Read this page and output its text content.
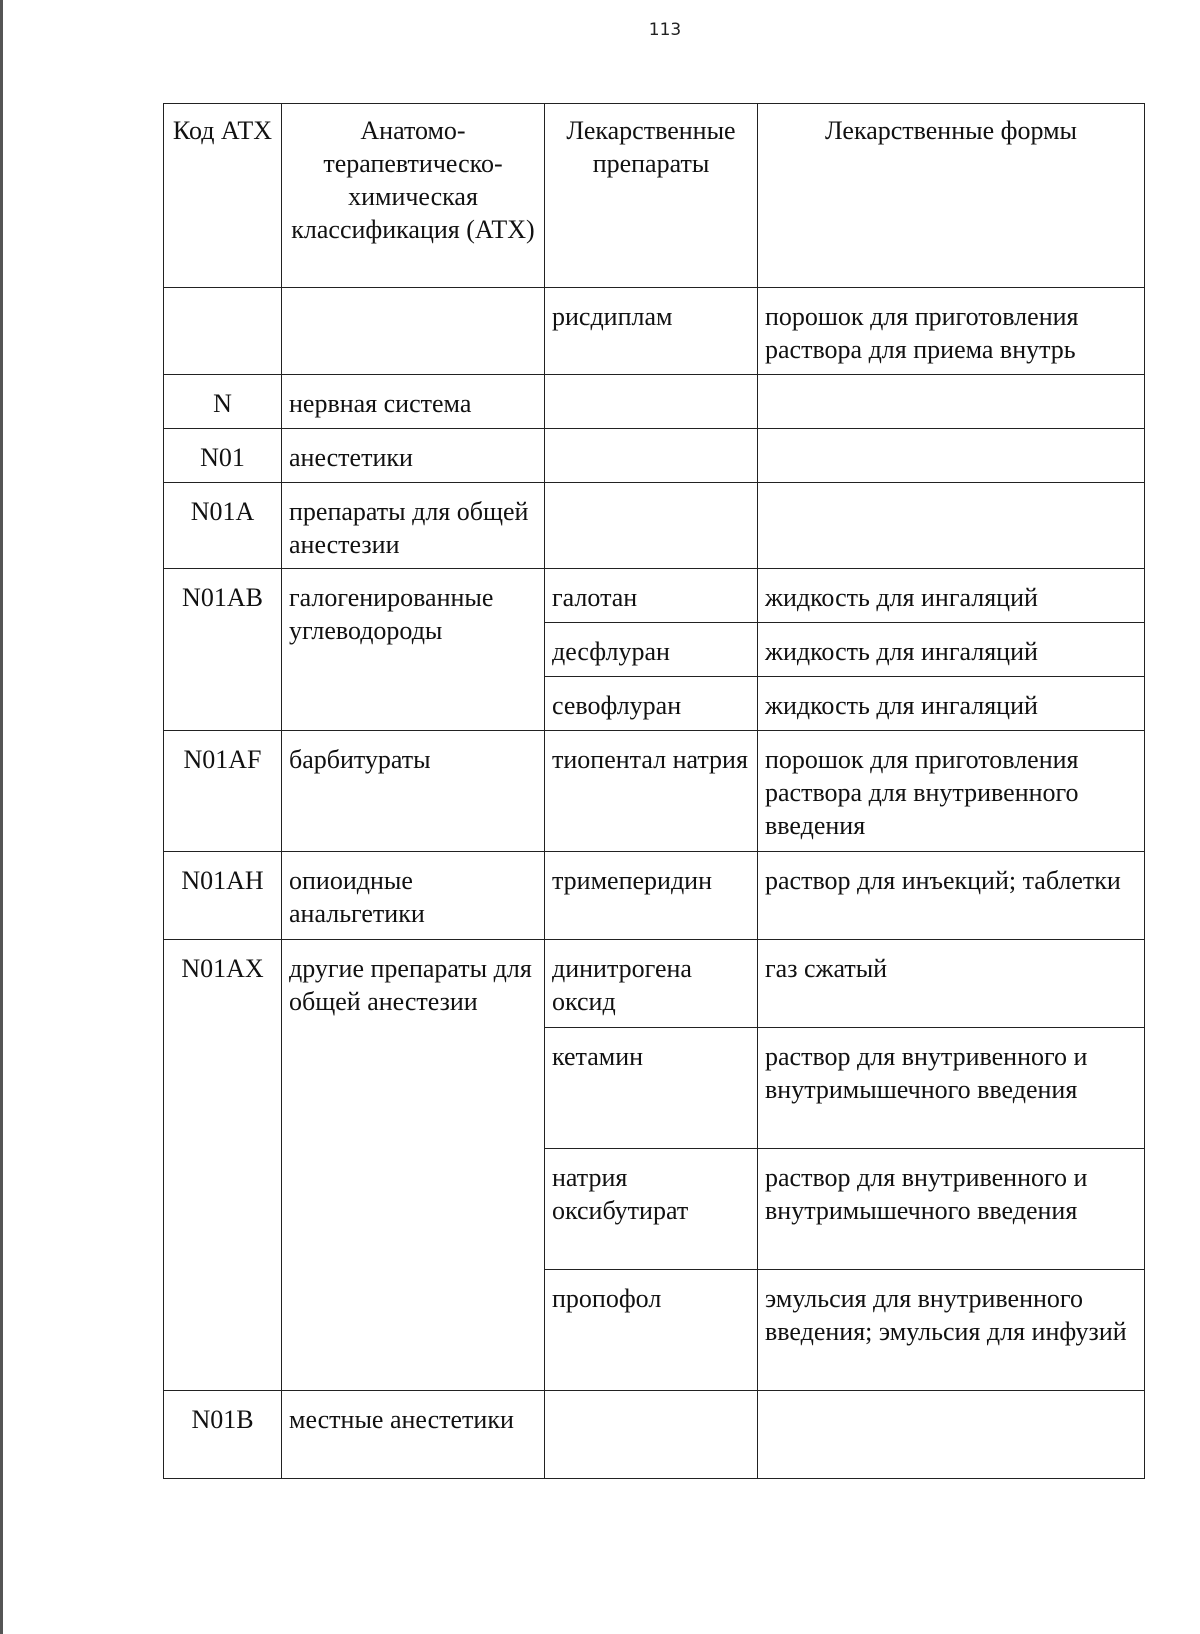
113
Код АТХ	Анатомо-терапевтическо-химическая классификация (АТХ)	Лекарственные препараты	Лекарственные формы
		рисдиплам	порошок для приготовления раствора для приема внутрь
N	нервная система		
N01	анестетики		
N01A	препараты для общей анестезии		
N01AB	галогенированные углеводороды	галотан	жидкость для ингаляций
		десфлуран	жидкость для ингаляций
		севофлуран	жидкость для ингаляций
N01AF	барбитураты	тиопентал натрия	порошок для приготовления раствора для внутривенного введения
N01AH	опиоидные анальгетики	тримеперидин	раствор для инъекций; таблетки
N01AX	другие препараты для общей анестезии	динитрогена оксид	газ сжатый
		кетамин	раствор для внутривенного и внутримышечного введения
		натрия оксибутират	раствор для внутривенного и внутримышечного введения
		пропофол	эмульсия для внутривенного введения; эмульсия для инфузий
N01B	местные анестетики		
